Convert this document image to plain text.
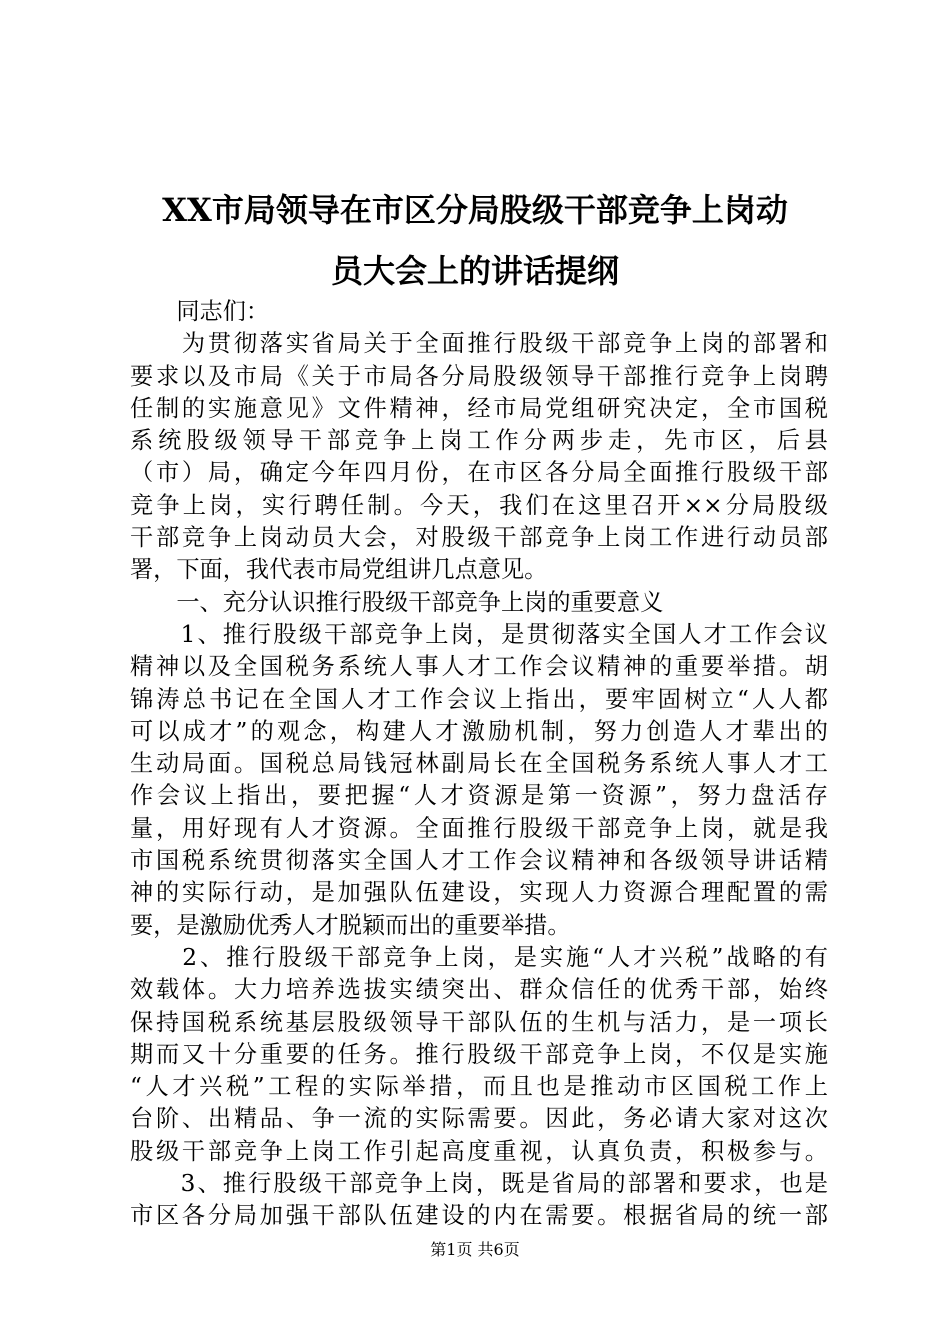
XX市局领导在市区分局股级干部竞争上岗动
员大会上的讲话提纲
　　同志们：
　　为贯彻落实省局关于全面推行股级干部竞争上岗的部署和
要求以及市局《关于市局各分局股级领导干部推行竞争上岗聘
任制的实施意见》文件精神，经市局党组研究决定，全市国税
系统股级领导干部竞争上岗工作分两步走，先市区，后县
（市）局，确定今年四月份，在市区各分局全面推行股级干部
竞争上岗，实行聘任制。今天，我们在这里召开××分局股级
干部竞争上岗动员大会，对股级干部竞争上岗工作进行动员部
署，下面，我代表市局党组讲几点意见。
　　一、充分认识推行股级干部竞争上岗的重要意义
　　1、推行股级干部竞争上岗，是贯彻落实全国人才工作会议
精神以及全国税务系统人事人才工作会议精神的重要举措。胡
锦涛总书记在全国人才工作会议上指出，要牢固树立“人人都
可以成才”的观念，构建人才激励机制，努力创造人才辈出的
生动局面。国税总局钱冠林副局长在全国税务系统人事人才工
作会议上指出，要把握“人才资源是第一资源”，努力盘活存
量，用好现有人才资源。全面推行股级干部竞争上岗，就是我
市国税系统贯彻落实全国人才工作会议精神和各级领导讲话精
神的实际行动，是加强队伍建设，实现人力资源合理配置的需
要，是激励优秀人才脱颖而出的重要举措。
　　2、推行股级干部竞争上岗，是实施“人才兴税”战略的有
效载体。大力培养选拔实绩突出、群众信任的优秀干部，始终
保持国税系统基层股级领导干部队伍的生机与活力，是一项长
期而又十分重要的任务。推行股级干部竞争上岗，不仅是实施
“人才兴税”工程的实际举措，而且也是推动市区国税工作上
台阶、出精品、争一流的实际需要。因此，务必请大家对这次
股级干部竞争上岗工作引起高度重视，认真负责，积极参与。
　　3、推行股级干部竞争上岗，既是省局的部署和要求，也是
市区各分局加强干部队伍建设的内在需要。根据省局的统一部
第1页 共6页
